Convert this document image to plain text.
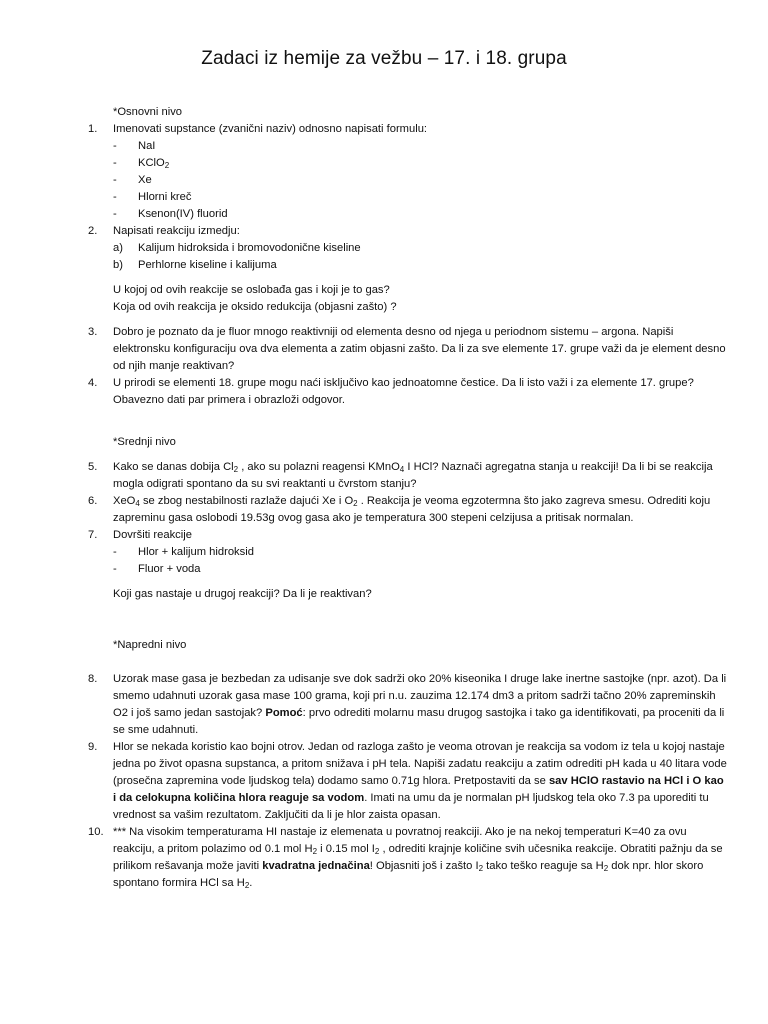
Zadaci iz hemije za vežbu – 17. i 18. grupa
*Osnovni nivo
1. Imenovati supstance (zvanični naziv) odnosno napisati formulu:
- NaI
- KClO$_2$
- Xe
- Hlorni kreč
- Ksenon(IV) fluorid
2. Napisati reakciju izmedju:
a) Kalijum hidroksida i bromovodonične kiseline
b) Perhlorne kiseline i kalijuma
U kojoj od ovih reakcije se oslobađa gas i koji je to gas?
Koja od ovih reakcija je oksido redukcija (objasni zašto) ?
3. Dobro je poznato da je fluor mnogo reaktivniji od elementa desno od njega u periodnom sistemu – argona. Napiši elektronsku konfiguraciju ova dva elementa a zatim objasni zašto. Da li za sve elemente 17. grupe važi da je element desno od njih manje reaktivan?
4. U prirodi se elementi 18. grupe mogu naći isključivo kao jednoatomne čestice. Da li isto važi i za elemente 17. grupe? Obavezno dati par primera i obrazloži odgovor.
*Srednji nivo
5. Kako se danas dobija $Cl_2$ , ako su polazni reagensi KMnO$_4$ I HCl? Naznači agregatna stanja u reakciji! Da li bi se reakcija mogla odigrati spontano da su svi reaktanti u čvrstom stanju?
6. XeO$_4$ se zbog nestabilnosti razlaže dajući Xe i $O_2$ . Reakcija je veoma egzotermna što jako zagreva smesu. Odrediti koju zapreminu gasa oslobodi 19.53g ovog gasa ako je temperatura 300 stepeni celzijusa a pritisak normalan.
7. Dovršiti reakcije
- Hlor + kalijum hidroksid
- Fluor + voda
Koji gas nastaje u drugoj reakciji? Da li je reaktivan?
*Napredni nivo
8. Uzorak mase gasa je bezbedan za udisanje sve dok sadrži oko 20% kiseonika I druge lake inertne sastojke (npr. azot). Da li smemo udahnuti uzorak gasa mase 100 grama, koji pri n.u. zauzima 12.174 dm3 a pritom sadrži tačno 20% zapreminskih O2 i još samo jedan sastojak? Pomoć: prvo odrediti molarnu masu drugog sastojka i tako ga identifikovati, pa proceniti da li se sme udahnuti.
9. Hlor se nekada koristio kao bojni otrov. Jedan od razloga zašto je veoma otrovan je reakcija sa vodom iz tela u kojoj nastaje jedna po život opasna supstanca, a pritom snižava i pH tela. Napiši zadatu reakciju a zatim odrediti pH kada u 40 litara vode (prosečna zapremina vode ljudskog tela) dodamo samo 0.71g hlora. Pretpostaviti da se sav HClO rastavio na HCl i O kao i da celokupna količina hlora reaguje sa vodom. Imati na umu da je normalan pH ljudskog tela oko 7.3 pa uporediti tu vrednost sa vašim rezultatom. Zaključiti da li je hlor zaista opasan.
10. *** Na visokim temperaturama HI nastaje iz elemenata u povratnoj reakciji. Ako je na nekoj temperaturi K=40 za ovu reakciju, a pritom polazimo od 0.1 mol $H_2$ i 0.15 mol $I_2$ , odrediti krajnje količine svih učesnika reakcije. Obratiti pažnju da se prilikom rešavanja može javiti kvadratna jednačina! Objasniti još i zašto $I_2$ tako teško reaguje sa $H_2$ dok npr. hlor skoro spontano formira HCl sa $H_2$.
